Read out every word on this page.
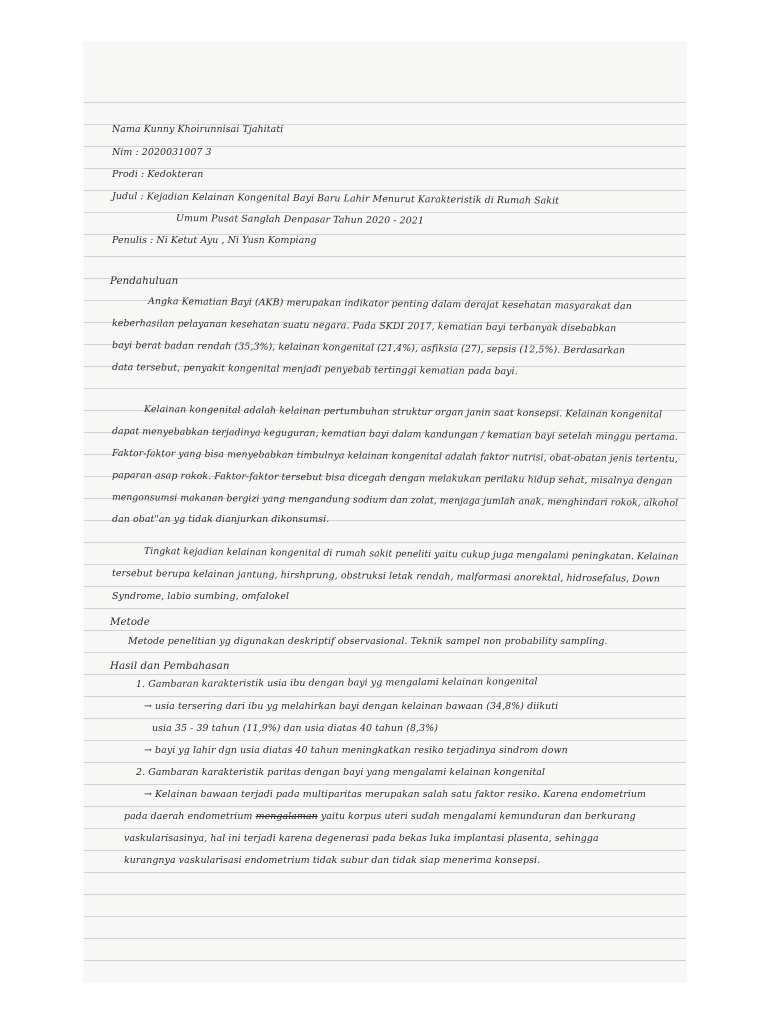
Nama Kunny Khoirunnisai Tjahitati
Nim : 2020031007 3
Prodi : Kedokteran
Judul : Kejadian Kelainan Kongenital Bayi Baru Lahir Menurut Karakteristik di Rumah Sakit
Umum Pusat Sanglah Denpasar Tahun 2020 - 2021
Penulis : Ni Ketut Ayu , Ni Yusn Kompiang
Pendahuluan
Angka Kematian Bayi (AKB) merupakan indikator penting dalam derajat kesehatan masyarakat dan
keberhasilan pelayanan kesehatan suatu negara. Pada SKDI 2017, kematian bayi terbanyak disebabkan
bayi berat badan rendah (35,3%), kelainan kongenital (21,4%), asfiksia (27), sepsis (12,5%). Berdasarkan
data tersebut, penyakit kongenital menjadi penyebab tertinggi kematian pada bayi.
Kelainan kongenital adalah kelainan pertumbuhan struktur organ janin saat konsepsi. Kelainan kongenital
dapat menyebabkan terjadinya keguguran, kematian bayi dalam kandungan / kematian bayi setelah minggu pertama.
Faktor-faktor yang bisa menyebabkan timbulnya kelainan kongenital adalah faktor nutrisi, obat-obatan jenis tertentu,
paparan asap rokok. Faktor-faktor tersebut bisa dicegah dengan melakukan perilaku hidup sehat, misalnya dengan
mengonsumsi makanan bergizi yang mengandung sodium dan zolat, menjaga jumlah anak, menghindari rokok, alkohol
dan obat"an yg tidak dianjurkan dikonsumsi.
Tingkat kejadian kelainan kongenital di rumah sakit peneliti yaitu cukup juga mengalami peningkatan. Kelainan
tersebut berupa kelainan jantung, hirshprung, obstruksi letak rendah, malformasi anorektal, hidrosefalus, Down
Syndrome, labio sumbing, omfalokel
Metode
Metode penelitian yg digunakan deskriptif observasional. Teknik sampel non probability sampling.
Hasil dan Pembahasan
1. Gambaran karakteristik usia ibu dengan bayi yg mengalami kelainan kongenital
→ usia tersering dari ibu yg melahirkan bayi dengan kelainan bawaan (34,8%) diikuti
usia 35 - 39 tahun (11,9%) dan usia diatas 40 tahun (8,3%)
→ bayi yg lahir dgn usia diatas 40 tahun meningkatkan resiko terjadinya sindrom down
2. Gambaran karakteristik paritas dengan bayi yang mengalami kelainan kongenital
→ Kelainan bawaan terjadi pada multiparitas merupakan salah satu faktor resiko. Karena endometrium
pada daerah endometrium mengalaman yaitu korpus uteri sudah mengalami kemunduran dan berkurang
vaskularisasinya, hal ini terjadi karena degenerasi pada bekas luka implantasi plasenta, sehingga
kurangnya vaskularisasi endometrium tidak subur dan tidak siap menerima konsepsi.
